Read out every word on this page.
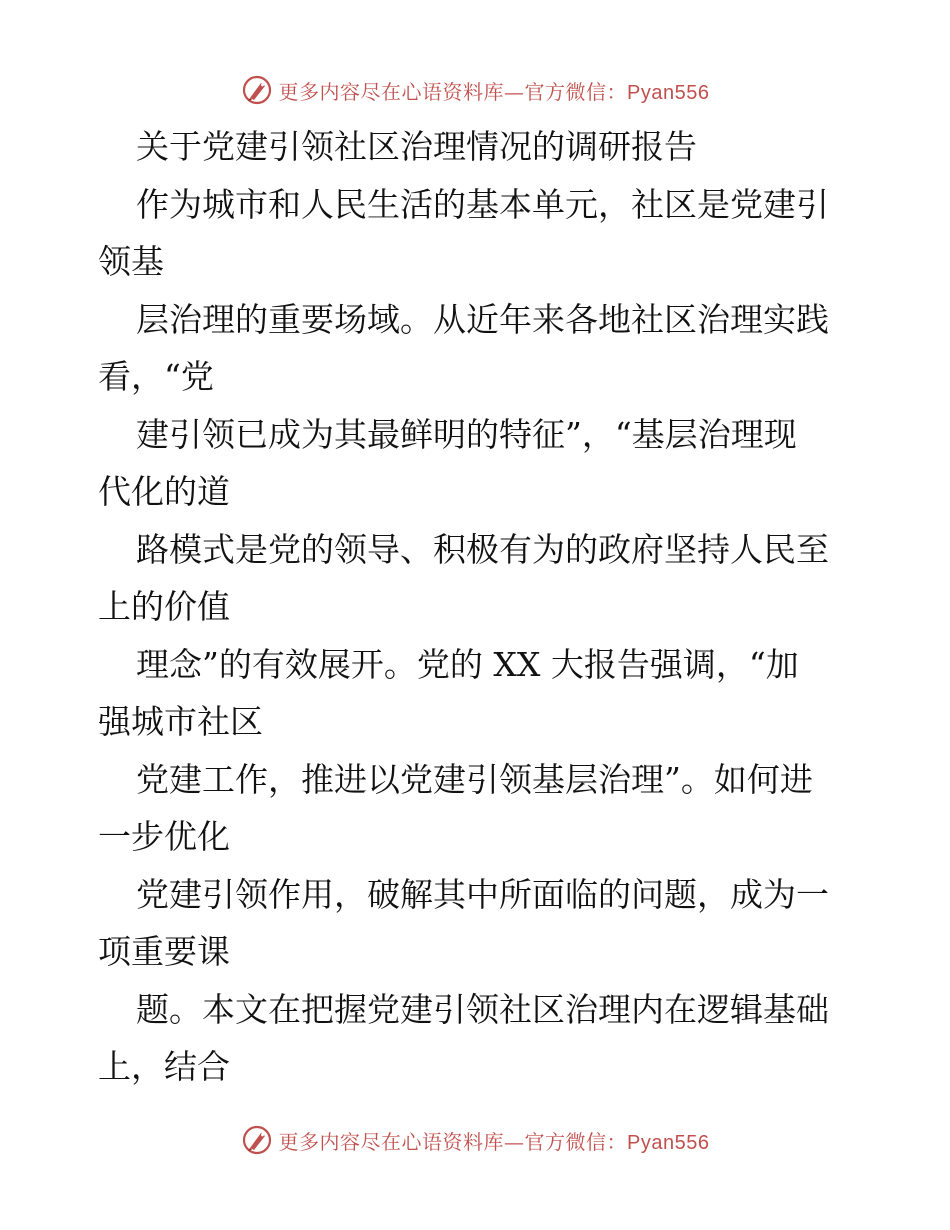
更多内容尽在心语资料库—官方微信：Pyan556
关于党建引领社区治理情况的调研报告
作为城市和人民生活的基本单元，社区是党建引
领基
层治理的重要场域。从近年来各地社区治理实践
看，“党
建引领已成为其最鲜明的特征”，“基层治理现
代化的道
路模式是党的领导、积极有为的政府坚持人民至
上的价值
理念”的有效展开。党的 XX 大报告强调，“加
强城市社区
党建工作，推进以党建引领基层治理”。如何进
一步优化
党建引领作用，破解其中所面临的问题，成为一
项重要课
题。本文在把握党建引领社区治理内在逻辑基础
上，结合
更多内容尽在心语资料库—官方微信：Pyan556
